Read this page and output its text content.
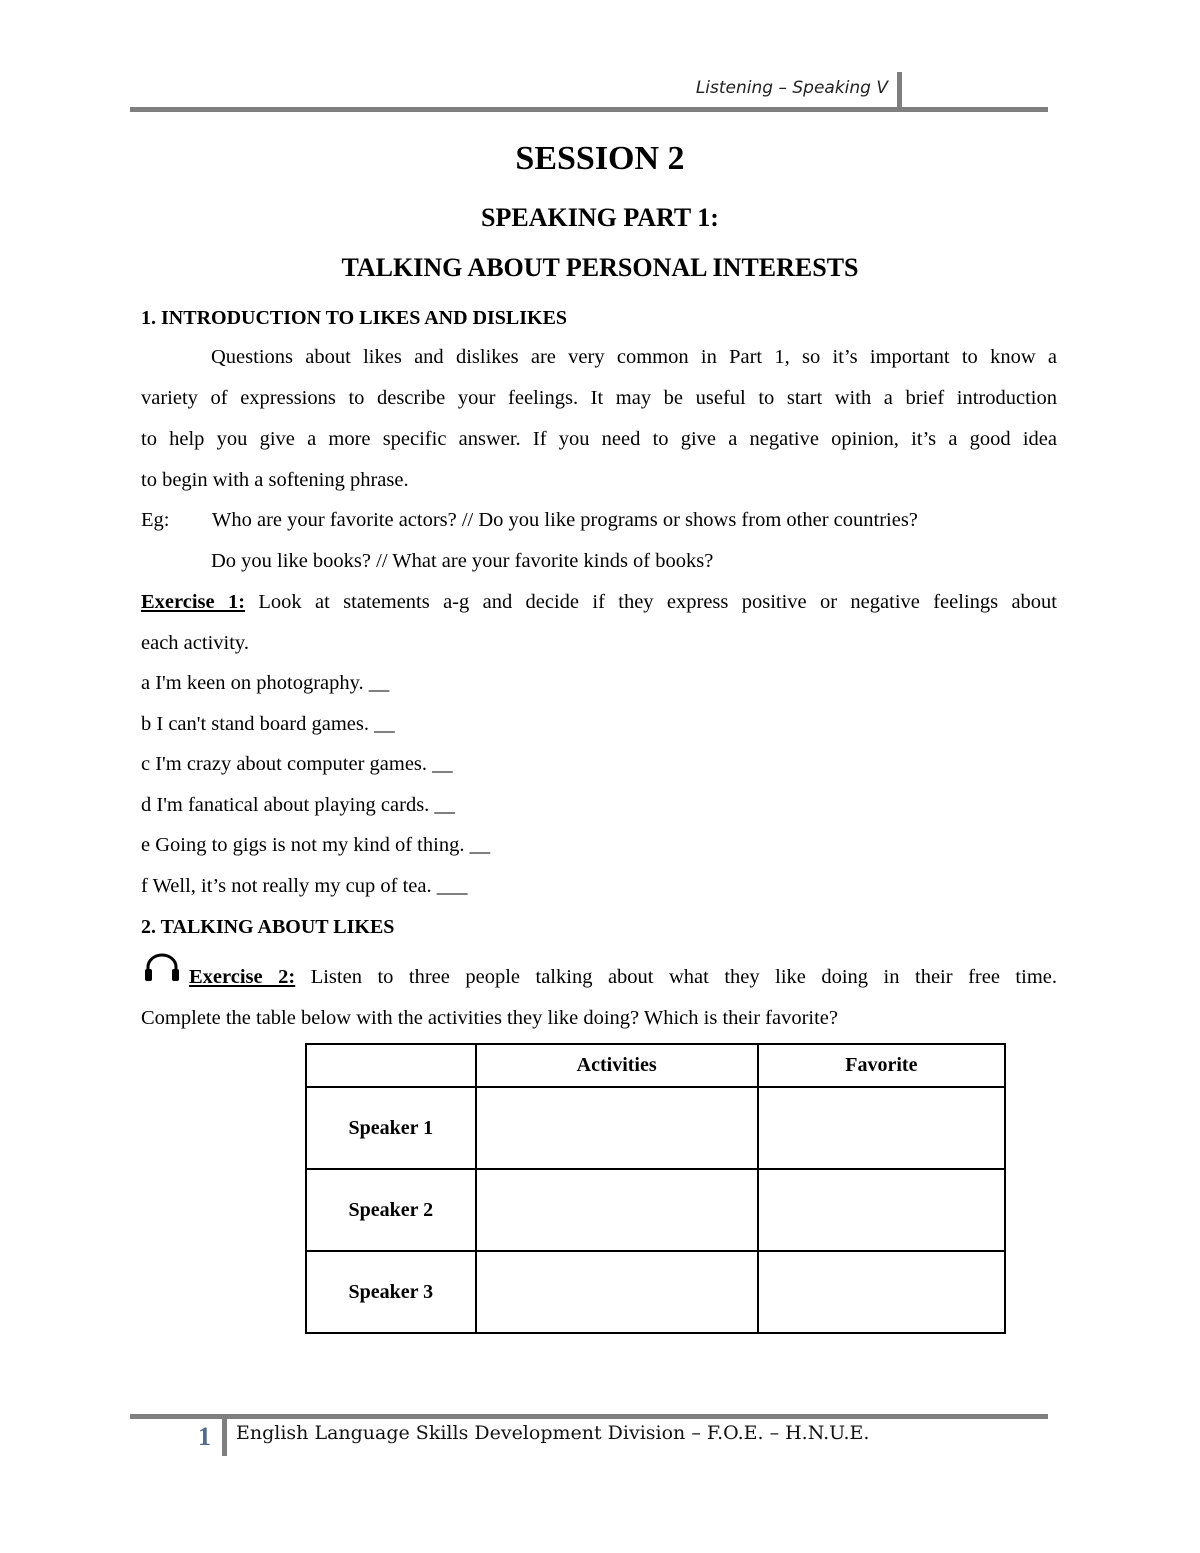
Listening – Speaking V
SESSION 2
SPEAKING PART 1:
TALKING ABOUT PERSONAL INTERESTS
1. INTRODUCTION TO LIKES AND DISLIKES
Questions about likes and dislikes are very common in Part 1, so it’s important to know a
variety of expressions to describe your feelings. It may be useful to start with a brief introduction
to help you give a more specific answer. If you need to give a negative opinion, it’s a good idea
to begin with a softening phrase.
Eg: Who are your favorite actors? // Do you like programs or shows from other countries?
Do you like books? // What are your favorite kinds of books?
Exercise 1: Look at statements a-g and decide if they express positive or negative feelings about
each activity.
a I'm keen on photography. __
b I can't stand board games. __
c I'm crazy about computer games. __
d I'm fanatical about playing cards. __
e Going to gigs is not my kind of thing. __
f Well, it’s not really my cup of tea. ___
2. TALKING ABOUT LIKES
Exercise 2: Listen to three people talking about what they like doing in their free time.
Complete the table below with the activities they like doing? Which is their favorite?
	Activities	Favorite
Speaker 1		
Speaker 2		
Speaker 3		
1 English Language Skills Development Division – F.O.E. – H.N.U.E.
